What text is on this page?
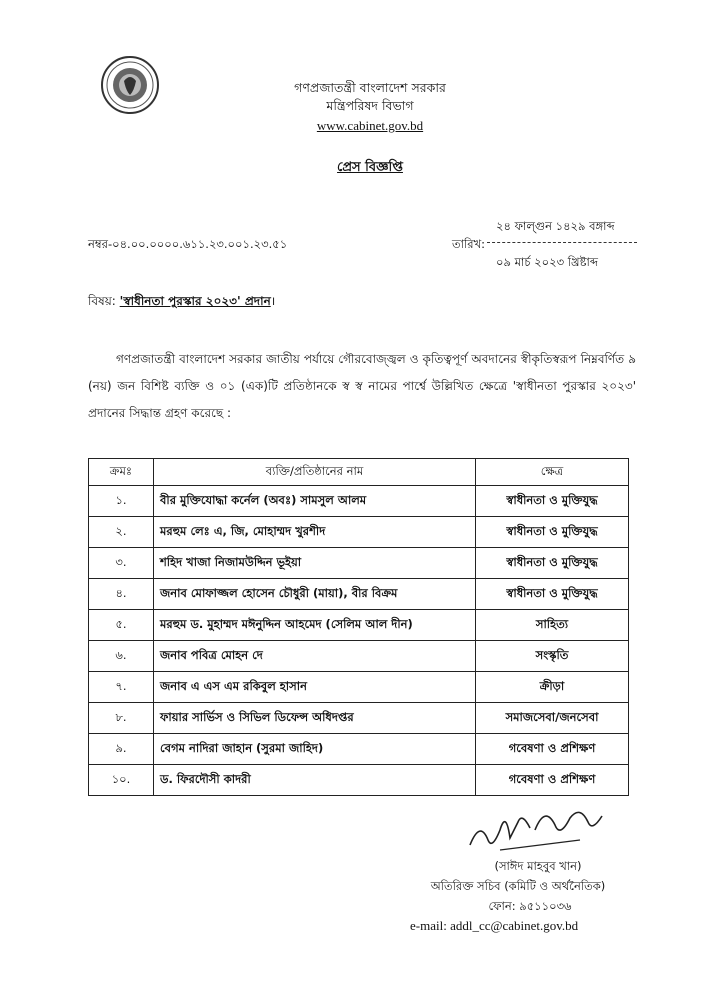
গণপ্রজাতন্ত্রী বাংলাদেশ সরকার
মন্ত্রিপরিষদ বিভাগ
www.cabinet.gov.bd
প্রেস বিজ্ঞপ্তি
২৪ ফাল্গুন ১৪২৯ বঙ্গাব্দ
নম্বর-০৪.০০.০০০০.৬১১.২৩.০০১.২৩.৫১	তারিখ:
০৯ মার্চ ২০২৩ খ্রিষ্টাব্দ
বিষয়: 'স্বাধীনতা পুরস্কার ২০২৩' প্রদান।
গণপ্রজাতন্ত্রী বাংলাদেশ সরকার জাতীয় পর্যায়ে গৌরবোজ্জ্বল ও কৃতিত্বপূর্ণ অবদানের স্বীকৃতিস্বরূপ নিম্নবর্ণিত ৯ (নয়) জন বিশিষ্ট ব্যক্তি ও ০১ (এক)টি প্রতিষ্ঠানকে স্ব স্ব নামের পার্শ্বে উল্লিখিত ক্ষেত্রে 'স্বাধীনতা পুরস্কার ২০২৩' প্রদানের সিদ্ধান্ত গ্রহণ করেছে :
ক্রমঃ	ব্যক্তি/প্রতিষ্ঠানের নাম	ক্ষেত্র
১.	বীর মুক্তিযোদ্ধা কর্নেল (অবঃ) সামসুল আলম	স্বাধীনতা ও মুক্তিযুদ্ধ
২.	মরহুম লেঃ এ, জি, মোহাম্মদ খুরশীদ	স্বাধীনতা ও মুক্তিযুদ্ধ
৩.	শহিদ খাজা নিজামউদ্দিন ভূইয়া	স্বাধীনতা ও মুক্তিযুদ্ধ
৪.	জনাব মোফাজ্জল হোসেন চৌধুরী (মায়া), বীর বিক্রম	স্বাধীনতা ও মুক্তিযুদ্ধ
৫.	মরহুম ড. মুহাম্মদ মঈনুদ্দিন আহমেদ (সেলিম আল দীন)	সাহিত্য
৬.	জনাব পবিত্র মোহন দে	সংস্কৃতি
৭.	জনাব এ এস এম রকিবুল হাসান	ক্রীড়া
৮.	ফায়ার সার্ভিস ও সিভিল ডিফেন্স অধিদপ্তর	সমাজসেবা/জনসেবা
৯.	বেগম নাদিরা জাহান (সুরমা জাহিদ)	গবেষণা ও প্রশিক্ষণ
১০.	ড. ফিরদৌসী কাদরী	গবেষণা ও প্রশিক্ষণ
(সাঈদ মাহবুব খান)
অতিরিক্ত সচিব (কমিটি ও অর্থনৈতিক)
ফোন: ৯৫১১০৩৬
e-mail: addl_cc@cabinet.gov.bd
